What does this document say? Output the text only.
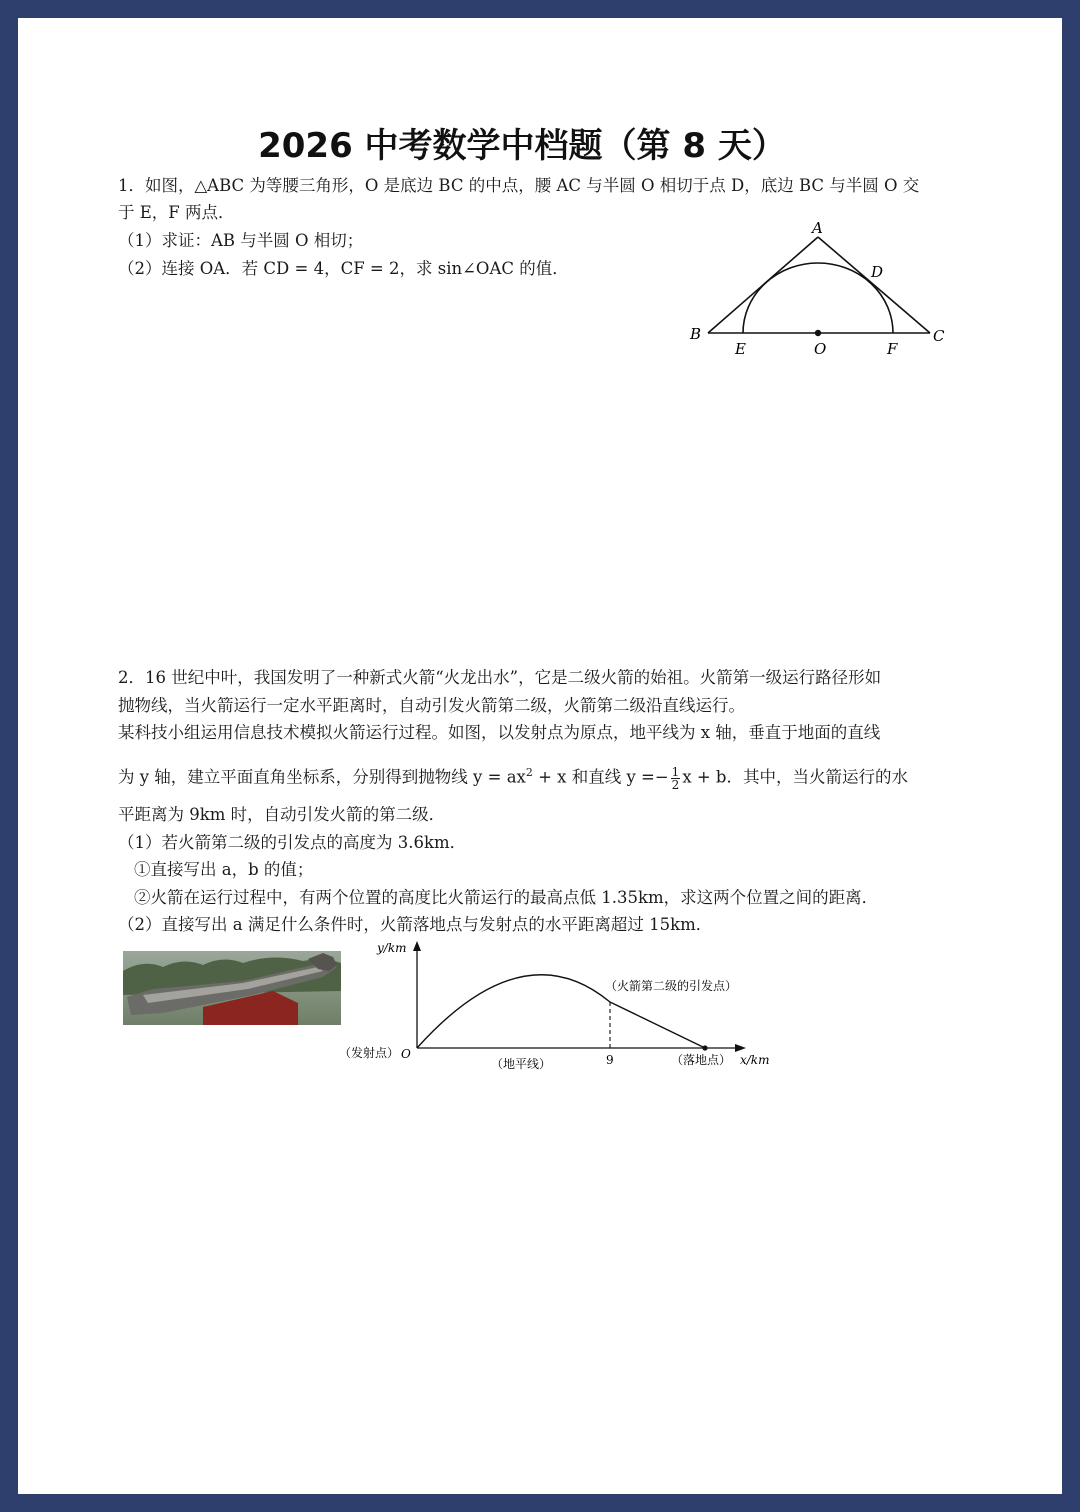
2026 中考数学中档题（第 8 天）
1．如图，△ABC 为等腰三角形，O 是底边 BC 的中点，腰 AC 与半圆 O 相切于点 D，底边 BC 与半圆 O 交
于 E，F 两点．
（1）求证：AB 与半圆 O 相切；
（2）连接 OA．若 CD = 4，CF = 2，求 sin∠OAC 的值．
A
B	C
D
E	O	F
2．16 世纪中叶，我国发明了一种新式火箭“火龙出水”，它是二级火箭的始祖。火箭第一级运行路径形如
抛物线，当火箭运行一定水平距离时，自动引发火箭第二级，火箭第二级沿直线运行。
某科技小组运用信息技术模拟火箭运行过程。如图，以发射点为原点，地平线为 x 轴，垂直于地面的直线
为 y 轴，建立平面直角坐标系，分别得到抛物线 $y = ax^2 + x$ 和直线 $y =- \frac{1}{2}$ x + b．其中，当火箭运行的水
平距离为 9km 时，自动引发火箭的第二级．
（1）若火箭第二级的引发点的高度为 3.6km．
①直接写出 a，b 的值；
②火箭在运行过程中，有两个位置的高度比火箭运行的最高点低 1.35km，求这两个位置之间的距离．
（2）直接写出 a 满足什么条件时，火箭落地点与发射点的水平距离超过 15km．
y/km
（发射点） O
（地平线）	9	（落地点） x/km
（火箭第二级的引发点）
